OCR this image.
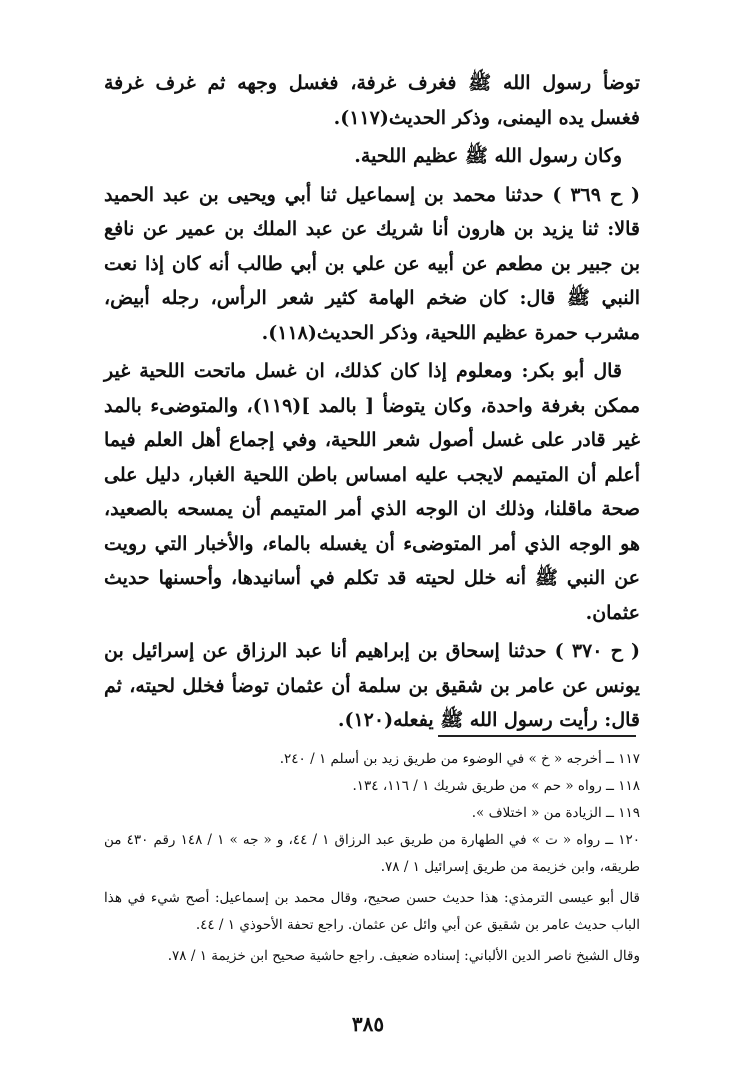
توضأ رسول الله ﷺ فغرف غرفة، فغسل وجهه ثم غرف غرفة فغسل يده اليمنى، وذكر الحديث(١١٧).

وكان رسول الله ﷺ عظيم اللحية.

( ح ٣٦٩ ) حدثنا محمد بن إسماعيل ثنا أبي ويحيى بن عبد الحميد قالا: ثنا يزيد بن هارون أنا شريك عن عبد الملك بن عمير عن نافع بن جبير بن مطعم عن أبيه عن علي بن أبي طالب أنه كان إذا نعت النبي ﷺ قال: كان ضخم الهامة كثير شعر الرأس، رجله أبيض، مشرب حمرة عظيم اللحية، وذكر الحديث(١١٨).

قال أبو بكر: ومعلوم إذا كان كذلك، ان غسل ماتحت اللحية غير ممكن بغرفة واحدة، وكان يتوضأ [ بالمد ](١١٩)، والمتوضىء بالمد غير قادر على غسل أصول شعر اللحية، وفي إجماع أهل العلم فيما أعلم أن المتيمم لايجب عليه امساس باطن اللحية الغبار، دليل على صحة ماقلنا، وذلك ان الوجه الذي أمر المتيمم أن يمسحه بالصعيد، هو الوجه الذي أمر المتوضىء أن يغسله بالماء، والأخبار التي رويت عن النبي ﷺ أنه خلل لحيته قد تكلم في أسانيدها، وأحسنها حديث عثمان.

( ح ٣٧٠ ) حدثنا إسحاق بن إبراهيم أنا عبد الرزاق عن إسرائيل بن يونس عن عامر بن شقيق بن سلمة أن عثمان توضأ فخلل لحيته، ثم قال: رأيت رسول الله ﷺ يفعله(١٢٠).

١١٧ ــ أخرجه « خ » في الوضوء من طريق زيد بن أسلم ١ / ٢٤٠.

١١٨ ــ رواه « حم » من طريق شريك ١ / ١١٦، ١٣٤.

١١٩ ــ الزيادة من « اختلاف ».

١٢٠ ــ رواه « ت » في الطهارة من طريق عبد الرزاق ١ / ٤٤، و « جه » ١ / ١٤٨ رقم ٤٣٠ من طريقه، وابن خزيمة من طريق إسرائيل ١ / ٧٨.

قال أبو عيسى الترمذي: هذا حديث حسن صحيح، وقال محمد بن إسماعيل: أصح شيء في هذا الباب حديث عامر بن شقيق عن أبي وائل عن عثمان. راجع تحفة الأحوذي ١ / ٤٤.

وقال الشيخ ناصر الدين الألباني: إسناده ضعيف. راجع حاشية صحيح ابن خزيمة ١ / ٧٨.

٣٨٥
